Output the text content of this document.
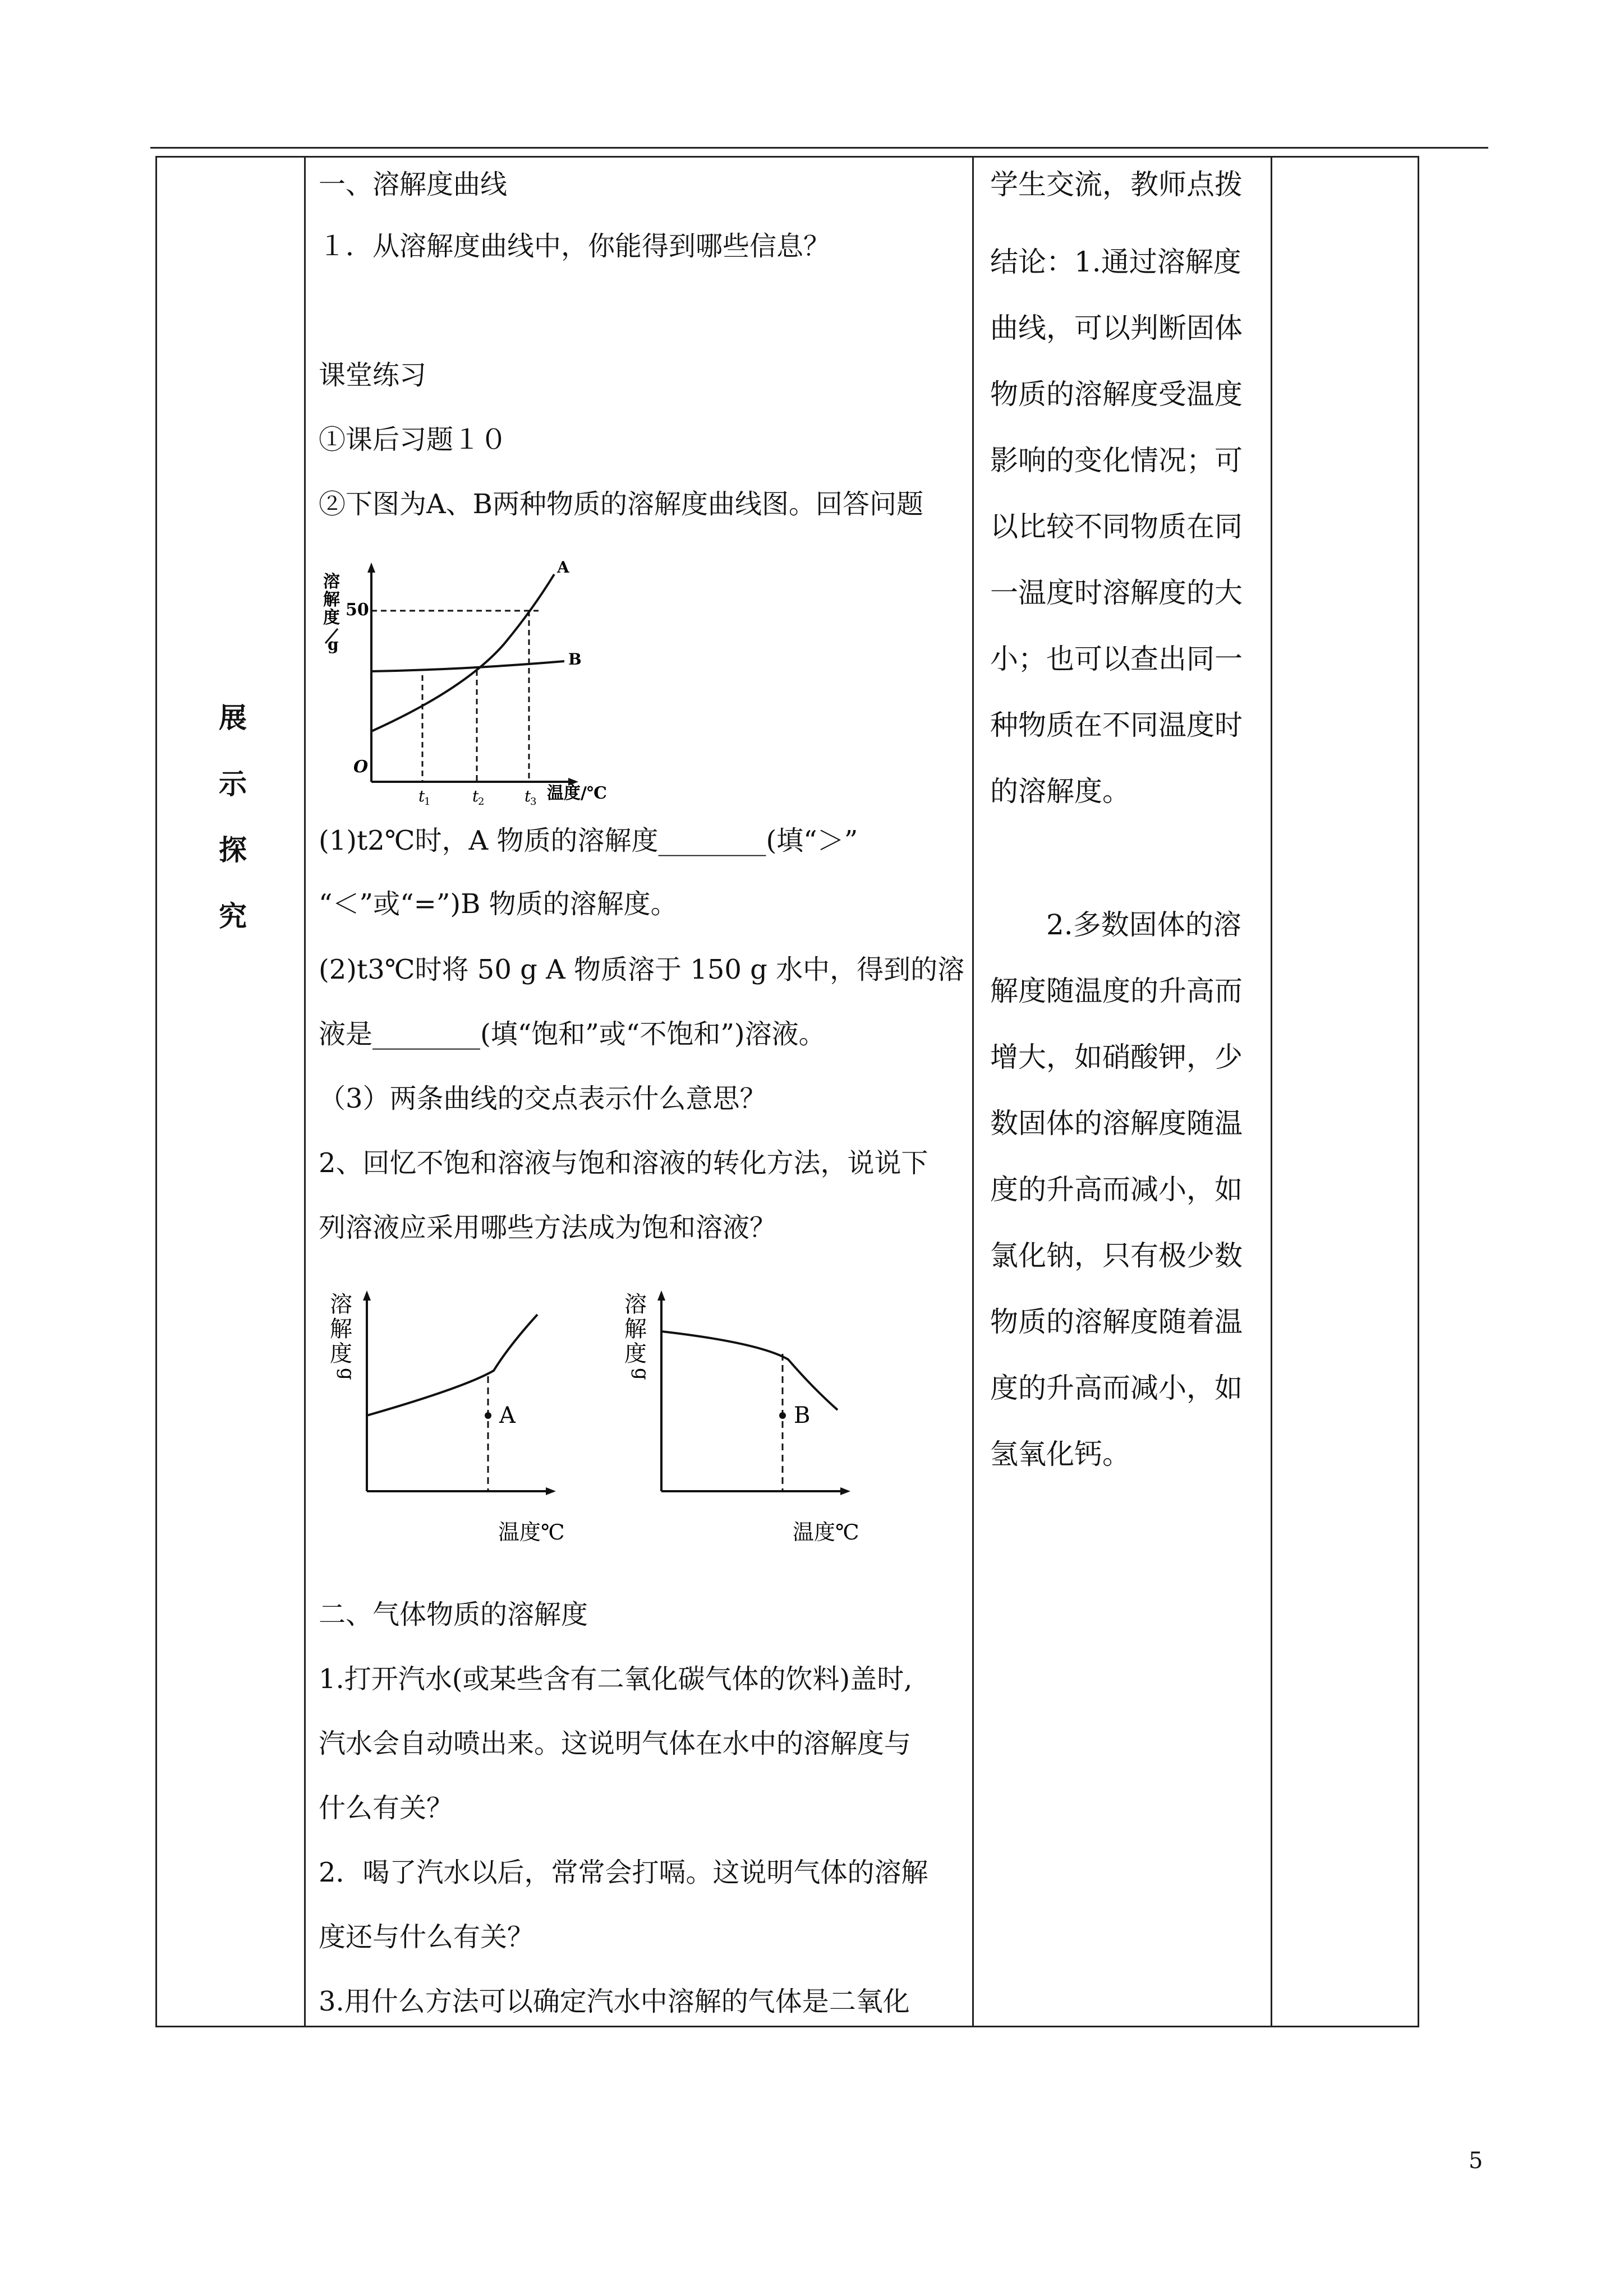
展
示
探
究
一、溶解度曲线
１．从溶解度曲线中，你能得到哪些信息？
课堂练习
①课后习题１０
②下图为A、B两种物质的溶解度曲线图。回答问题
溶
解
度
g
50
A
B
O
t
1	t
2	t
3 温度/℃
(1)t2℃时，A 物质的溶解度________(填“＞”
“＜”或“=”)B 物质的溶解度。
(2)t3℃时将 50 g A 物质溶于 150 g 水中，得到的溶
液是________(填“饱和”或“不饱和”)溶液。
（3）两条曲线的交点表示什么意思？
2、回忆不饱和溶液与饱和溶液的转化方法，说说下
列溶液应采用哪些方法成为饱和溶液？
溶
解
度
g
A
温度℃
溶
解
度
g
B
温度℃
二、气体物质的溶解度
1.打开汽水(或某些含有二氧化碳气体的饮料)盖时,
汽水会自动喷出来。这说明气体在水中的溶解度与
什么有关？
2．喝了汽水以后，常常会打嗝。这说明气体的溶解
度还与什么有关？
3.用什么方法可以确定汽水中溶解的气体是二氧化
学生交流，教师点拨
结论：1.通过溶解度
曲线，可以判断固体
物质的溶解度受温度
影响的变化情况；可
以比较不同物质在同
一温度时溶解度的大
小；也可以查出同一
种物质在不同温度时
的溶解度。
　　2.多数固体的溶
解度随温度的升高而
增大，如硝酸钾，少
数固体的溶解度随温
度的升高而减小，如
氯化钠，只有极少数
物质的溶解度随着温
度的升高而减小，如
氢氧化钙。
5
